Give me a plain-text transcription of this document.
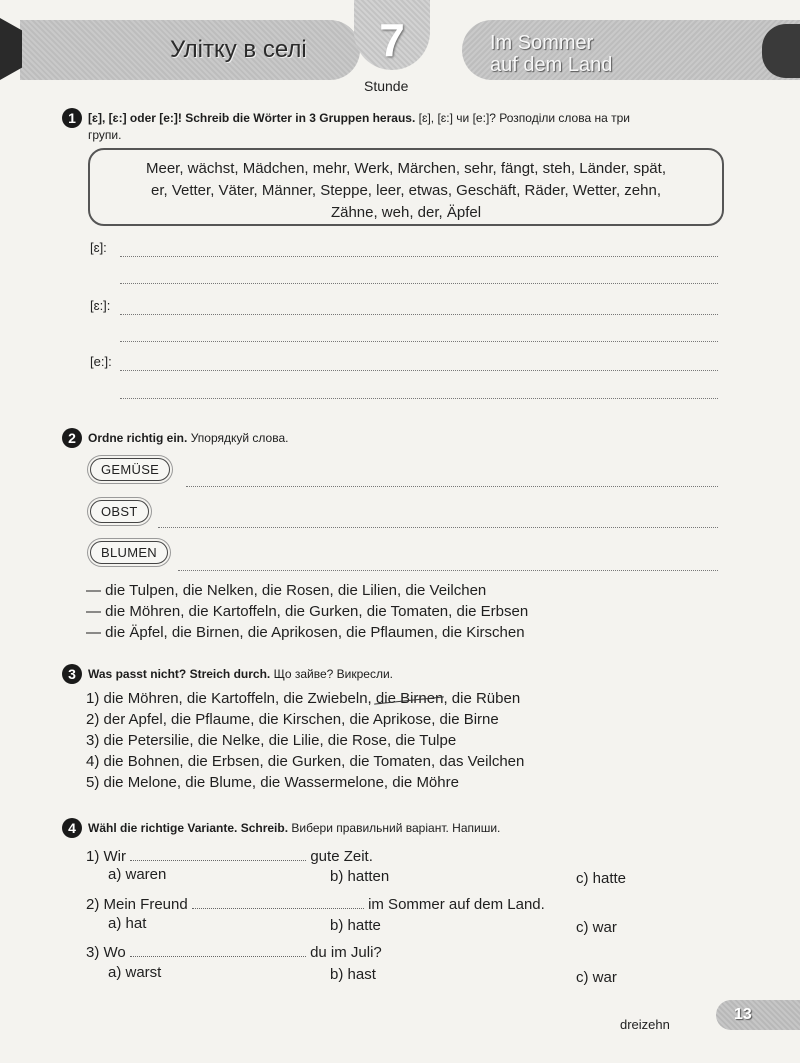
Улітку в селі	Im Sommer
auf dem Land
7
Stunde
1	[ɛ], [ɛ:] oder [e:]! Schreib die Wörter in 3 Gruppen heraus. [ɛ], [ɛ:] чи [e:]? Розподіли слова на три
групи.
Meer, wächst, Mädchen, mehr, Werk, Märchen, sehr, fängt, steh, Länder, spät,
er, Vetter, Väter, Männer, Steppe, leer, etwas, Geschäft, Räder, Wetter, zehn,
Zähne, weh, der, Äpfel
[ɛ]:
[ɛ:]:
[e:]:
2	Ordne richtig ein. Упорядкуй слова.
GEMÜSE
OBST
BLUMEN
— die Tulpen, die Nelken, die Rosen, die Lilien, die Veilchen
— die Möhren, die Kartoffeln, die Gurken, die Tomaten, die Erbsen
— die Äpfel, die Birnen, die Aprikosen, die Pflaumen, die Kirschen
3	Was passt nicht? Streich durch. Що зайве? Викресли.
1) die Möhren, die Kartoffeln, die Zwiebeln, die Birnen, die Rüben
2) der Apfel, die Pflaume, die Kirschen, die Aprikose, die Birne
3) die Petersilie, die Nelke, die Lilie, die Rose, die Tulpe
4) die Bohnen, die Erbsen, die Gurken, die Tomaten, das Veilchen
5) die Melone, die Blume, die Wassermelone, die Möhre
4	Wähl die richtige Variante. Schreib. Вибери правильний варіант. Напиши.
1) Wir	gute Zeit.
a) waren	b) hatten	c) hatte
2) Mein Freund	im Sommer auf dem Land.
a) hat	b) hatte	c) war
3) Wo	du im Juli?
a) warst	b) hast	c) war
dreizehn
13
